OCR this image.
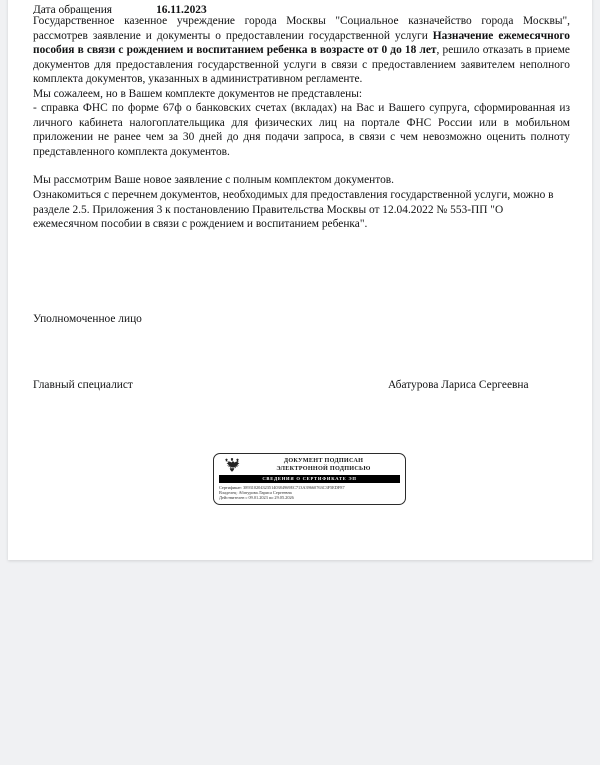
Дата обращения	16.11.2023

Государственное казенное учреждение города Москвы "Социальное казначейство города Москвы", рассмотрев заявление и документы о предоставлении государственной услуги Назначение ежемесячного пособия в связи с рождением и воспитанием ребенка в возрасте от 0 до 18 лет, решило отказать в приеме документов для предоставления государственной услуги в связи с предоставлением заявителем неполного комплекта документов, указанных в административном регламенте.

Мы сожалеем, но в Вашем комплекте документов не представлены:

- справка ФНС по форме 67ф о банковских счетах (вкладах) на Вас и Вашего супруга, сформированная из личного кабинета налогоплательщика для физических лиц на портале ФНС России или в мобильном приложении не ранее чем за 30 дней до дня подачи запроса, в связи с чем невозможно оценить полноту представленного комплекта документов.

Мы рассмотрим Ваше новое заявление с полным комплектом документов.

Ознакомиться с перечнем документов, необходимых для предоставления государственной услуги, можно в разделе 2.5. Приложения 3 к постановлению Правительства Москвы от 12.04.2022 № 553-ПП "О ежемесячном пособии в связи с рождением и воспитанием ребенка".

Уполномоченное лицо
Главный специалист	Абатурова Лариса Сергеевна
ДОКУМЕНТ ПОДПИСАН
ЭЛЕКТРОННОЙ ПОДПИСЬЮ
СВЕДЕНИЯ О СЕРТИФИКАТЕ ЭП
Сертификат: 3893102043235140384969EC713A39660763C3F5EDF87
Владелец: Абатурова Лариса Сергеевна
Действителен с 09.01.2023 по 29.05.2026
